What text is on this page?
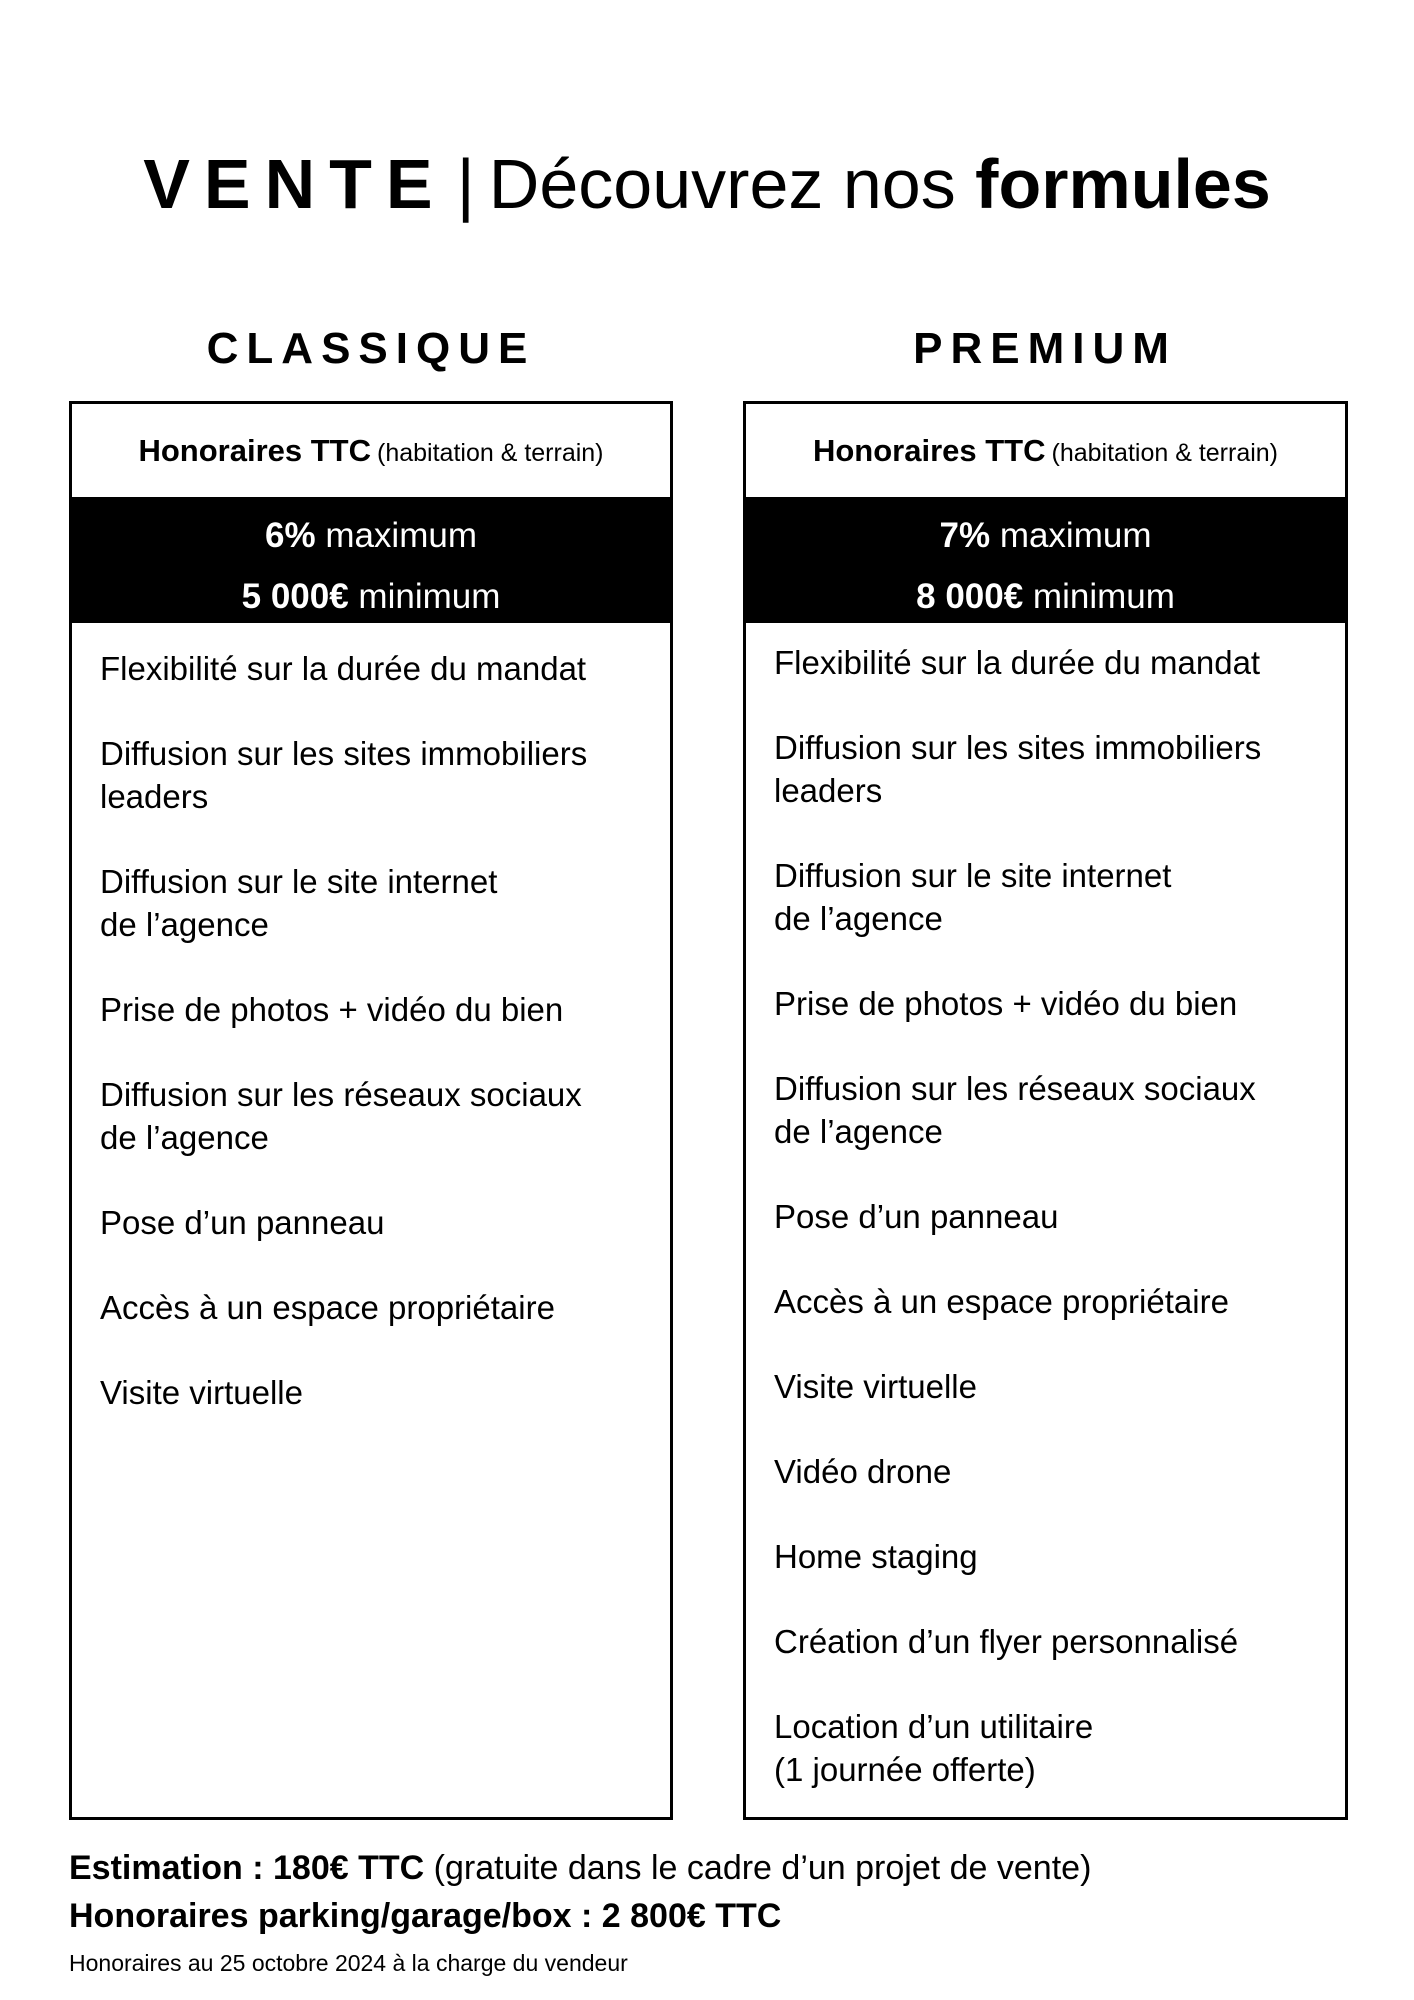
VENTE | Découvrez nos formules
CLASSIQUE	PREMIUM
Honoraires TTC (habitation & terrain)
6% maximum
5 000€ minimum
Flexibilité sur la durée du mandat
Diffusion sur les sites immobiliers
leaders
Diffusion sur le site internet
de l’agence
Prise de photos + vidéo du bien
Diffusion sur les réseaux sociaux
de l’agence
Pose d’un panneau
Accès à un espace propriétaire
Visite virtuelle
Honoraires TTC (habitation & terrain)
7% maximum
8 000€ minimum
Flexibilité sur la durée du mandat
Diffusion sur les sites immobiliers
leaders
Diffusion sur le site internet
de l’agence
Prise de photos + vidéo du bien
Diffusion sur les réseaux sociaux
de l’agence
Pose d’un panneau
Accès à un espace propriétaire
Visite virtuelle
Vidéo drone
Home staging
Création d’un flyer personnalisé
Location d’un utilitaire
(1 journée offerte)
Estimation : 180€ TTC (gratuite dans le cadre d’un projet de vente)
Honoraires parking/garage/box : 2 800€ TTC
Honoraires au 25 octobre 2024 à la charge du vendeur
